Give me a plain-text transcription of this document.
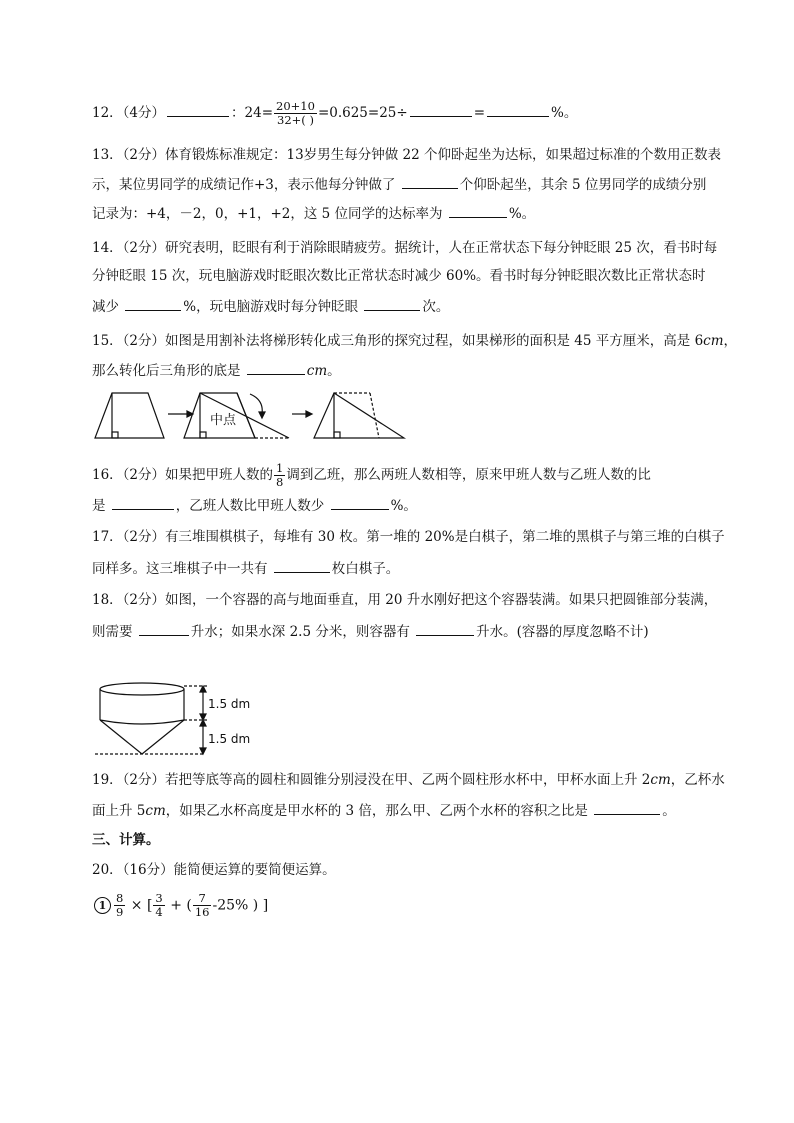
12．（4分）	：$24= \frac{20+10}{32+( )} =0.625=25\div$	=	%。
13．（2分）体育锻炼标准规定：13岁男生每分钟做 22 个仰卧起坐为达标，如果超过标准的个数用正数表
示，某位男同学的成绩记作+3，表示他每分钟做了	个仰卧起坐，其余 5 位男同学的成绩分别
记录为：+4，－2，0，+1，+2，这 5 位同学的达标率为	%。
14．（2分）研究表明，眨眼有利于消除眼睛疲劳。据统计，人在正常状态下每分钟眨眼 25 次，看书时每
分钟眨眼 15 次，玩电脑游戏时眨眼次数比正常状态时减少 60%。看书时每分钟眨眼次数比正常状态时
减少	%，玩电脑游戏时每分钟眨眼	次。
15．（2分）如图是用割补法将梯形转化成三角形的探究过程，如果梯形的面积是 45 平方厘米，高是 6cm，
那么转化后三角形的底是	cm。
中点
16．（2分）如果把甲班人数的 $\frac{1}{8}$ 调到乙班，那么两班人数相等，原来甲班人数与乙班人数的比
是	，乙班人数比甲班人数少	%。
17．（2分）有三堆围棋棋子，每堆有 30 枚。第一堆的 20%是白棋子，第二堆的黑棋子与第三堆的白棋子
同样多。这三堆棋子中一共有	枚白棋子。
18．（2分）如图，一个容器的高与地面垂直，用 20 升水刚好把这个容器装满。如果只把圆锥部分装满，
则需要	升水；如果水深 2.5 分米，则容器有	升水。(容器的厚度忽略不计)
1.5 dm
1.5 dm
19．（2分）若把等底等高的圆柱和圆锥分别浸没在甲、乙两个圆柱形水杯中，甲杯水面上升 2cm，乙杯水
面上升 5cm，如果乙水杯高度是甲水杯的 3 倍，那么甲、乙两个水杯的容积之比是	。
三、计算。
20．（16分）能简便运算的要简便运算。
$1 \frac{8}{9}$ × [ $\frac{3}{4}$ + ( $\frac{7}{16} -25\%$ ) ]
